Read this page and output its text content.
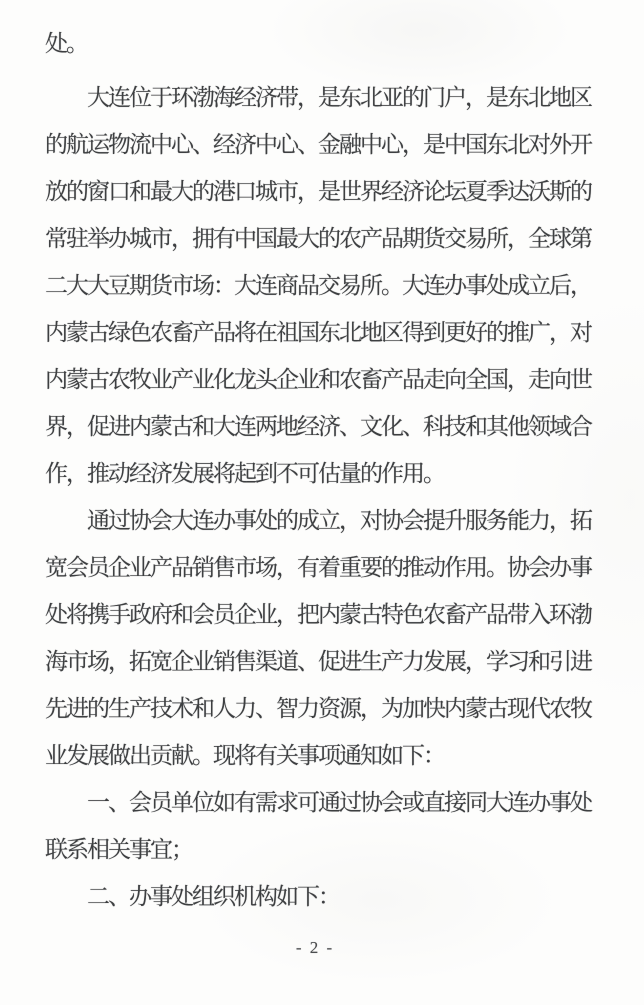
处。
大连位于环渤海经济带，是东北亚的门户，是东北地区
的航运物流中心、经济中心、金融中心，是中国东北对外开
放的窗口和最大的港口城市，是世界经济论坛夏季达沃斯的
常驻举办城市，拥有中国最大的农产品期货交易所，全球第
二大大豆期货市场：大连商品交易所。大连办事处成立后，
内蒙古绿色农畜产品将在祖国东北地区得到更好的推广，对
内蒙古农牧业产业化龙头企业和农畜产品走向全国，走向世
界，促进内蒙古和大连两地经济、文化、科技和其他领域合
作，推动经济发展将起到不可估量的作用。
通过协会大连办事处的成立，对协会提升服务能力，拓
宽会员企业产品销售市场，有着重要的推动作用。协会办事
处将携手政府和会员企业，把内蒙古特色农畜产品带入环渤
海市场，拓宽企业销售渠道、促进生产力发展，学习和引进
先进的生产技术和人力、智力资源，为加快内蒙古现代农牧
业发展做出贡献。现将有关事项通知如下：
一、会员单位如有需求可通过协会或直接同大连办事处
联系相关事宜；
二、办事处组织机构如下：
- 2 -
